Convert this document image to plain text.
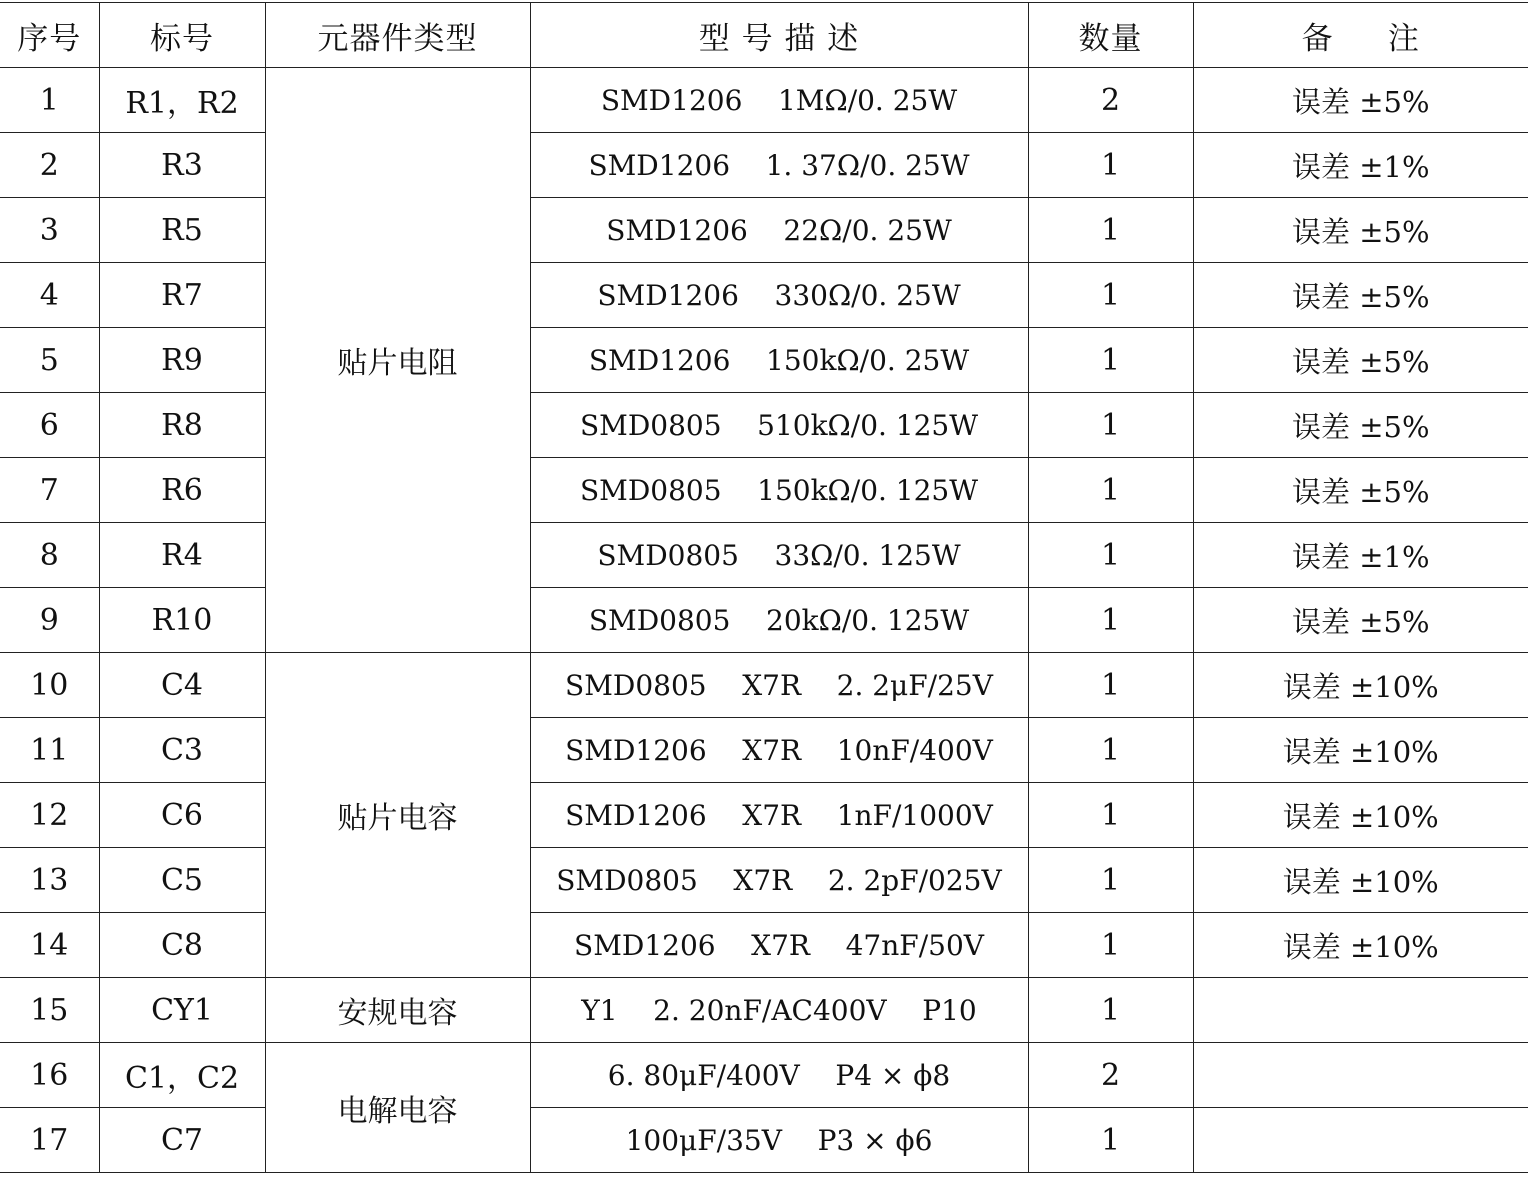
序号	标号	元器件类型	型 号 描 述	数量	备     注
1	R1，R2	贴片电阻	SMD1206    1MΩ/0. 25W	2	误差 ±5%
2	R3		SMD1206    1. 37Ω/0. 25W	1	误差 ±1%
3	R5		SMD1206    22Ω/0. 25W	1	误差 ±5%
4	R7		SMD1206    330Ω/0. 25W	1	误差 ±5%
5	R9		SMD1206    150kΩ/0. 25W	1	误差 ±5%
6	R8		SMD0805    510kΩ/0. 125W	1	误差 ±5%
7	R6		SMD0805    150kΩ/0. 125W	1	误差 ±5%
8	R4		SMD0805    33Ω/0. 125W	1	误差 ±1%
9	R10		SMD0805    20kΩ/0. 125W	1	误差 ±5%
10	C4	贴片电容	SMD0805    X7R    2. 2μF/25V	1	误差 ±10%
11	C3		SMD1206    X7R    10nF/400V	1	误差 ±10%
12	C6		SMD1206    X7R    1nF/1000V	1	误差 ±10%
13	C5		SMD0805    X7R    2. 2pF/025V	1	误差 ±10%
14	C8		SMD1206    X7R    47nF/50V	1	误差 ±10%
15	CY1	安规电容	Y1    2. 20nF/AC400V    P10	1	
16	C1，C2	电解电容	6. 80μF/400V    P4 × ϕ8	2	
17	C7		100μF/35V    P3 × ϕ6	1	
